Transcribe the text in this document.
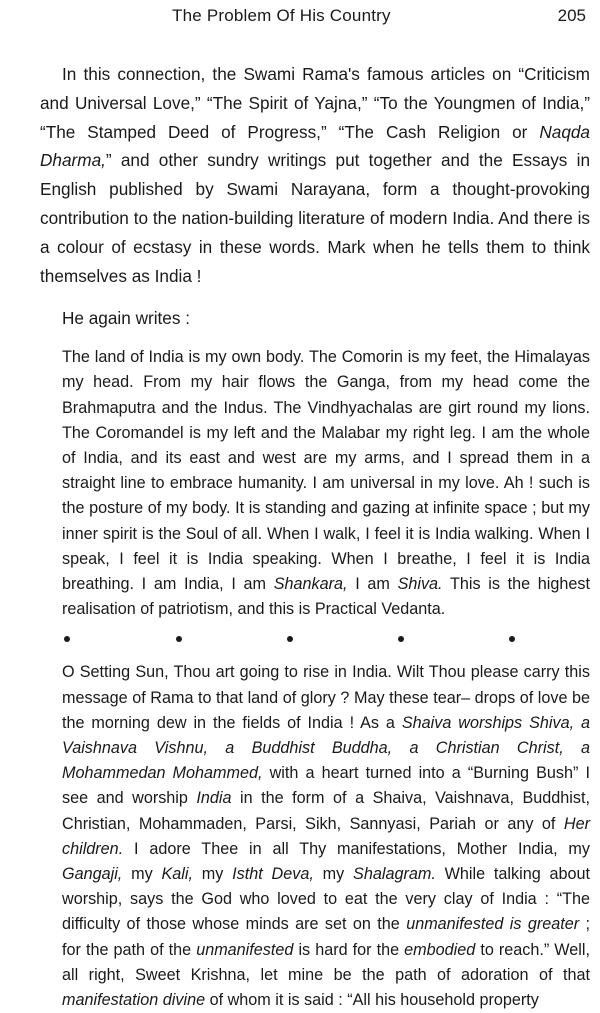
The Problem Of His Country	205

In this connection, the Swami Rama's famous articles on “Criticism and Universal Love,” “The Spirit of Yajna,” “To the Youngmen of India,” “The Stamped Deed of Progress,” “The Cash Religion or Naqda Dharma,” and other sundry writings put together and the Essays in English published by Swami Narayana, form a thought-provoking contribution to the nation-building literature of modern India. And there is a colour of ecstasy in these words. Mark when he tells them to think themselves as India !

He again writes :

The land of India is my own body. The Comorin is my feet, the Himalayas my head. From my hair flows the Ganga, from my head come the Brahmaputra and the Indus. The Vindhyachalas are girt round my lions. The Coromandel is my left and the Malabar my right leg. I am the whole of India, and its east and west are my arms, and I spread them in a straight line to embrace humanity. I am universal in my love. Ah ! such is the posture of my body. It is standing and gazing at infinite space ; but my inner spirit is the Soul of all. When I walk, I feel it is India walking. When I speak, I feel it is India speaking. When I breathe, I feel it is India breathing. I am India, I am Shankara, I am Shiva. This is the highest realisation of patriotism, and this is Practical Vedanta.

O Setting Sun, Thou art going to rise in India. Wilt Thou please carry this message of Rama to that land of glory ? May these tear– drops of love be the morning dew in the fields of India ! As a Shaiva worships Shiva, a Vaishnava Vishnu, a Buddhist Buddha, a Christian Christ, a Mohammedan Mohammed, with a heart turned into a “Burning Bush” I see and worship India in the form of a Shaiva, Vaishnava, Buddhist, Christian, Mohammaden, Parsi, Sikh, Sannyasi, Pariah or any of Her children. I adore Thee in all Thy manifestations, Mother India, my Gangaji, my Kali, my Istht Deva, my Shalagram. While talking about worship, says the God who loved to eat the very clay of India : “The difficulty of those whose minds are set on the unmanifested is greater ; for the path of the unmanifested is hard for the embodied to reach.” Well, all right, Sweet Krishna, let mine be the path of adoration of that manifestation divine of whom it is said : “All his household property
